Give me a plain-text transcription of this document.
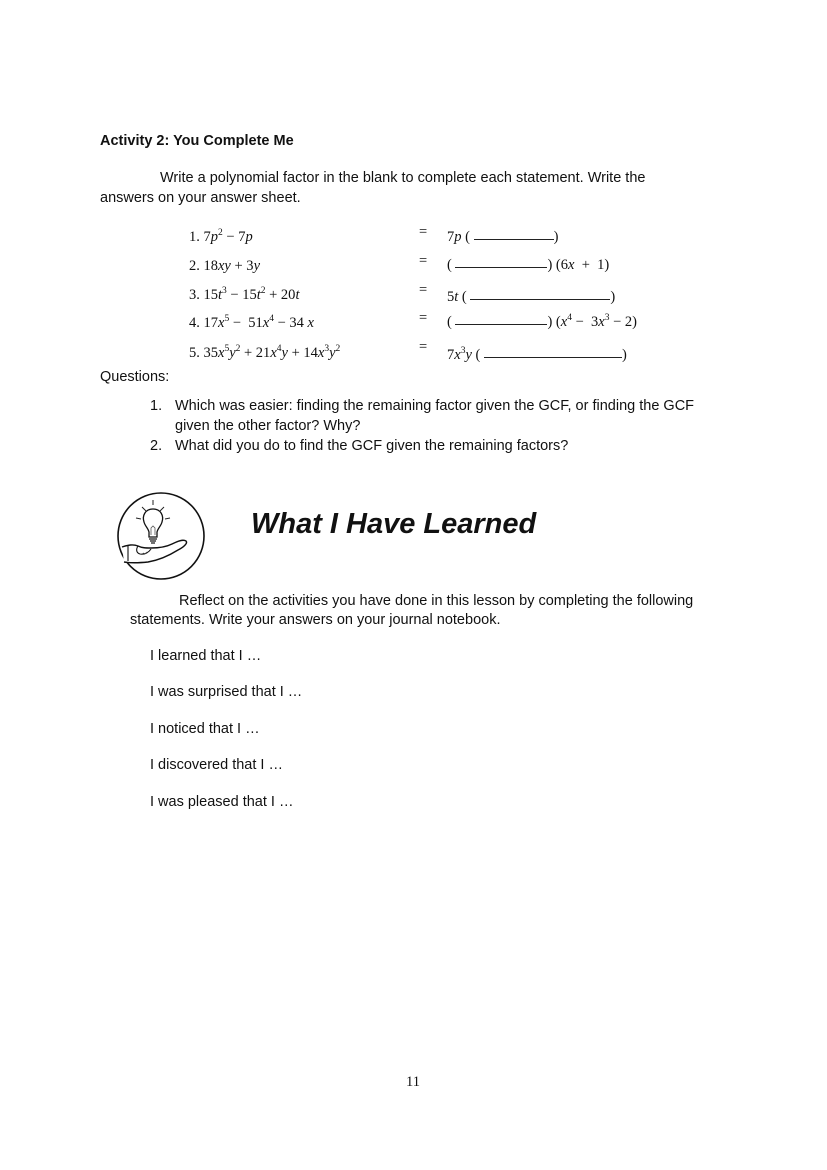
Activity 2: You Complete Me
Write a polynomial factor in the blank to complete each statement. Write the
answers on your answer sheet.
1. $7p^2 - 7p$	= 7p (	)
2. 18xy + 3y	= (	) (6x  +  1)
3. $15t^3 - 15t^2 + 20t$	= 5t (	)
4. $17x^5 - 51x^4 - 34$ x	= (	) $(x^4 - 3x^3 - 2)$
5. $35x^5y^2 + 21x^4y + 14x^3y^2$	= $7x^3y$ (	)
Questions:
1. Which was easier: finding the remaining factor given the GCF, or finding the GCF
given the other factor? Why?
2. What did you do to find the GCF given the remaining factors?
What I Have Learned
Reflect on the activities you have done in this lesson by completing the following
statements. Write your answers on your journal notebook.
I learned that I …
I was surprised that I …
I noticed that I …
I discovered that I …
I was pleased that I …
11
